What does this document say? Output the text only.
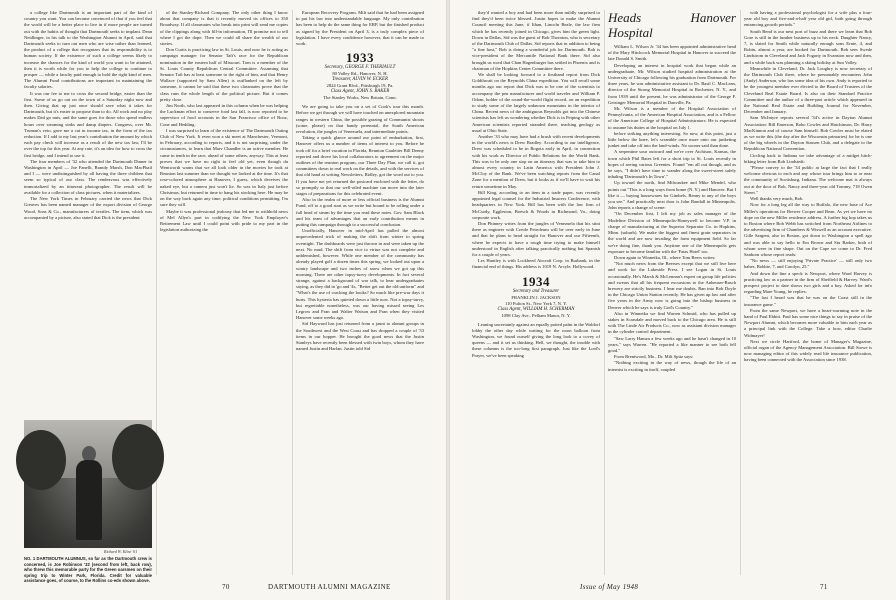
a college like Dartmouth is an important part of the kind of country you want. You can become convinced of that if you feel that the world will be a better place to live in if more people are turned out with the habits of thought that Dartmouth seeks to implant. Dean Neidlinger, in his talk to the Washington Alumni in April, said that Dartmouth seeks to turn out men who are wise rather than learned, the product of a college that recognizes that its responsibility is to human society. If the existence of such a college seems likely to increase the chances for the kind of world you want to be attained, then it is worth while for you to help the college to continue to prosper — while a faculty paid enough to hold the right kind of men. The Alumni Fund contributions are important in maintaining the faculty salaries.

It was our fee to me to cross the second bridge, easier than the first. Some of us go out on the town of a Saturday night now and then. Giving that up just once should save what it takes for Dartmouth, but it's easier to propose than to do. All work and no play makes Dad go nuts, and the same goes for those who spend endless hours over steaming sinks and damp diapers. Congress, over Mr. Truman's veto, gave me a cut in income tax, in the form of the tax reduction. If I add to my last year's contribution the amount by which each pay check will increase as a result of the new tax law, I'll be over the top for this year. At any rate, it's an idea for how to cross the first bridge, and I intend to use it.

The four members of '32 who attended the Dartmouth Dinner in Washington in April — Joe Fanelli, Brandy Marsh, Don MacPhail and I — were undistinguished by all having the three children that seem so typical of our class. The rendezvous was effectively immortalized by an itinerant photographer. The result will be available for a collection of class pictures, when it materializes.

The New York Times in February carried the news that Dick Greaves has been named manager of the export division of George Wood, Sons & Co., manufacturers of textiles. The item, which was accompanied by a picture, also stated that Dick is the president

Richard W. Kline '61
NO. 1 DARTMOUTH ALUMNUS, so far as the Dartmouth crew is concerned, is Joe Robinson '32 (second from left, back row), who threw this memorable party for the Green oarsmen on their spring trip to Winter Park, Florida. Credit for valuable assistance goes, of course, to the Rollins co-eds shown above.

of the Stanley-Richard Company. The only other thing I know about that company is that it recently moved its offices to 350 Broadway. If all classmates who break into print will send me copies of the clippings along with fill-in information, I'll promise not to tell where I got the dope. Then we could all share the wealth of our stories.

Don Curtis is practicing law in St. Louis, and now he is acting as campaign manager for Senator Taft's race for the Republican nomination in the eastern half of Missouri. Tom is a member of the St. Louis County Republican Central Committee. Assuming that Senator Taft has at least someone to the right of him, and that Henry Wallace (supported by Sam Allen) is outflanked on the left by someone, it cannot be said that these two classmates prove that the class runs the whole length of the political picture. But it comes pretty close.

Jim North, who last appeared in this column when he was helping the Luckman effort to conserve food last fall, is now reported to be supervisor of food accounts in the San Francisco office of Booz, Cone and Hedding.

I was surprised to learn of the existence of The Dartmouth Outing Club of New York. It even won a ski meet at Manchester, Vermont, in February, according to reports, and it is not surprising, under the circumstances, to learn that Marv Chandler is an active member. He came in tenth in the race, ahead of some others, anyway. This at least proves that we have no right to feel old yet, even though du Wentworth warns that we all look older in the movies he took at Reunion last summer than we thought we looked at the time. It's that rose-colored atmosphere at Hanover, I guess, which deceives the naked eye, but a camera just won't lie. So was in Italy just before Christmas, but returned in time to hang his stocking here. He may be on the way back again any time, political conditions permitting. I'm sure they will.

Maybe it was professional jealousy that led me to withhold news of Mel Allyn's part in codifying the New York Employee's Retirement Law until I could point with pride to my part in the legislation authorizing the

European Recovery Program. Milt said that he had been assigned to put his law into understandable language. My only contribution has been to help do the same thing for ERP, but the finished product as signed by the President on April 3, is a truly complex piece of legislation. I have every confidence however, that it can be made to work.

1933
Secretary, GEORGE F. THERIAULT
80 Valley Rd., Hanover, N. H.
Treasurer, ALVIN W. ECKER
2824 Grant Blvd., Pittsburgh 19, Pa.
Class Agent, JOHN S. BAKER
The Stanley Works, New Britain, Conn.

We are going to take you on a set of Cook's tour this month. Before we get through we will have touched on unexplored mountain ranges in western China, the possible grazing of Communist shoots (some, please) on that handy perennial, the South American revolution, the jungles of Venezuela, and intermediate points.

Taking a quick glance around our point of embarkation, first, Hanover offers us a number of items of interest to you. Before he took off for a brief vacation in Florida, Reunion Gauleiter Bill Denny reported and drove his local collaborators to agreement on the major outlines of the reunion program, our Three Day Plan, we call it, got committees down to real work on the details, and with the services of that old hand at writing Newsletters, Ridley, got the word out to you. If you have not yet returned the postcard enclosed with the letter, do so promptly so that our well-oiled machine can move into the later stages of preparations for this celebrated event.

Also in the realm of more or less official business is the Alumni Fund, off to a good start as we write but bound to be rolling under a full head of steam by the time you read these notes. Gov. Sam Black and his team of advantages that an early contribution means in putting this campaign through to a successful conclusion.

Unofficially, Hanover in mid-April has pulled the almost unprecedented trick of making the shift from winter to spring overnight. The dashboards were just thrown in and were taken up the next. No mud. The shift from vice to virtue was not complete and unblemished, however. While one member of the community has already played golf a dozen times this spring, we looked out upon a wintry landscape and two inches of snow when we got up this morning. There are other topsy-turvy developments. In fact several strange, against a background of war talk, to hear undergraduates saying, as they did in 'go and '4s, "Better get out the old uniform" and "What's the use of cracking the books? So much like pre-war days it hurts. This hysteria has quieted down a little now. Not a topsy-turvy, but regrettable nonetheless, was our having missed seeing Les Legrow and Fran and Walter Watson and Fran when they visited Hanover some weeks ago.

Sid Hayward has just returned from a jaunt to alumni groups in the Southwest and the West Coast and has dropped a couple of '33 items in our hopper. He brought the good news that the Justin Stanleys have recently been blessed with twin boys, whom they have named Justin and Harlan. Justin told Sid

70	DARTMOUTH ALUMNI MAGAZINE

they'd wanted a boy and had been more than mildly surprised to find they'd been twice blessed. Justin hopes to make the Alumni Council meeting this June, if Ithan, Lincoln Beale, the law firm which he has recently joined in Chicago, gives him the green light. Down in Dallas, Sid was the guest of Bob Thornton, who is secretary of the Dartmouth Club of Dallas. Sid reports that in addition to being "a fine host," Bob is doing a wonderful job for Dartmouth. Bob is vice-president of the Mercantile National Bank there. Sid also brought us word that Chan Hagenburger has settled in Phoenix and is chairman of the Hopkins Center Committee there.

We shall be looking forward to a firsthand report from Dick Goldthwait on the Reynolds China expedition. You will recall some months ago our report that Dick was to be one of the scientists to accompany the pen manufacturer and world traveler and William P. Odom, holder of the round-the-world flight record, on an expedition to study some of the largely unknown mountains in the interior of China. Recent news of the ambiguous Reynolds got into the Chinese scientists has left us wondering whether Dick is in Peiping with other American scientists reported stranded there, teaching geology as usual at Ohio State.

Another '33 who may have had a brush with recent developments in the world's news is Drew Bradley. According to our intelligence, Drew was scheduled to be in Bogota early in April, in connection with his work as Director of Public Relations for the World Bank. This was to be only one stop on an itinerary that was to take him to almost every country in Latin America with President John J. McCloy of the Bank. We've been watching reports from the Canal Zone for a mention of Drew, but it looks as if we'll have to wait his return sometime in May.

Bill King, according to an item in a trade paper, was recently appointed legal counsel for the Industrial Insurers Conference, with headquarters in New York. Bill has been with the law firm of McCurdy, Eggleston, Boesch & Woods in Richmond, Va., doing corporate work.

Don Phinney writes from the jungles of Venezuela that his stint there as engineer with Creole Petroleum will be over early in June and that he plans to head straight for Hanover and our Fifteenth, where he expects to have a rough time trying to make himself understood in English after talking practically nothing but Spanish for a couple of years.

Les Huntley is with Lockheed Aircraft Corp. in Burbank, in the financial end of things. His address is 1019 N. Arcyle, Hollywood.

1934
Secretary and Treasurer
FRANKLIN J. JACKSON
110 Fulton St., New York 7, N. Y.
Class Agent, WILLIAM H. SCHERMAN
1098 Clay Ave., Pelham Manor, N. Y.

Leaning uncertainly against an equally potted palm in the Waldorf lobby the other day while waiting for the noon balloon from Washington, we found ourself giving the long look to a covey of queens — and it set us thinking. Hell, we thought, the trouble with these columns is the too-long first paragraph. Just like the Lord's Prayer, we've been speaking

Heads Hanover Hospital

William L. Wilson Jr. '34 has been appointed administrative head of the Mary Hitchcock Memorial Hospital in Hanover to succeed the late Donald S. Smith.

Developing an interest in hospital work that began while an undergraduate, Mr. Wilson studied hospital administration at the University of Chicago following his graduation from Dartmouth. For three years, he was administrative assistant to Dr. Basil C. MacLean, director of the Strong Memorial Hospital in Rochester, N. Y., and from 1939 until the present, he was administrator of the George F. Geisinger Memorial Hospital in Danville, Pa.

Mr. Wilson is a member of the Hospital Association of Pennsylvania, of the American Hospital Association, and is a Fellow of the American College of Hospital Administrators. He is expected to assume his duties at the hospital on July 1.

before striking anything interesting. So now, at this point, just a little below the knee, let's scramble once more onto our junketing junket and take off into the land-winds. No sooner said than done.

A serpentine sour outward and we're over Atchison, Kansas, the town which Phil Bates left for a short trip to St. Louis recently in hopes of seeing various Greenies. Found "em all out though, and as he says, "I didn't have time to wander along the sweet-street safely inhaling 'Dartmouth's In Town'."

Up toward the north, find Milwaukee and Mike Mendel, who points out "This is a long ways from home (N. Y.) and Hanover. But I like it — buying housewares for Gimbels. Benny to any of the boys you see." And practically next door is John Randall in Minneapolis. John reports a change of scene:

"On December first, I left my job as sales manager of the Modeline Division of Minneapolis-Honeywell to become V.P. in charge of manufacturing at the Superior Separator Co. in Hopkins, Minn. (suburb). We make the biggest and finest grain separators in the world and are now invading the farm equipment field. So far we're doing fine, thank you. Anytime one of the Minneapolis gets exposure to become familiar with the 'Fatas Hotel' too.

Down again to Winnetka, Ill., where Tom Beers writes:

"Not much news from the Beerses except that we still live here and work for the Lakeside Press. I see Logan in St. Louis occasionally. He's Marsh & McLennan's expert on group life policies and swears that all his frequent excursions to the Anheuser-Busch brewery are strictly business. I hear me doubts. Ran into Bob Doyle in the Chicago Union Station recently. He has given up law and after five years in the Army now is going into the bishop business in Denver which he says is truly God's Country."

Also in Winnetka we find Warren Schmid, who has pulled up stakes in Scarsdale and moved back to the Chicago area. He is still with The Linde Air Products Co., now as assistant division manager in the cylinder control department.

"Saw Larry Hamza a few weeks ago and he hasn't changed in 10 years," says Warren. "He reported a like manner to see both fell good."

From Brentwood, Mo., Dr. Milt Spitz says:

"Nothing exciting in the way of news, though the life of an internist is exciting in itself, coupled

with having a professional psychologist for a wife plus a four-year old boy and five-and-a-half year old girl, both going through entrancing growth periods."

South Bend is our next port of buzz and there we learn that Bob Gore is still in the lumber business up to his neck. Daughter Nancy, 7, is slated for Smith while naturally enough sons Ernie, 4, and Robin, almost a year, are booked for Dartmouth. Bob sees Swede Lindstrom in Cleveland and Jack Fogarty in Evanston now and then, and a while back was planning a skiing holiday at Sun Valley.

Meanwhile in Cleveland, Dr. Jack Loughry is now secretary of the Dartmouth Club there, where he presumably encounters John (Andy) Anderson, who has some idea of his own. Andy is reported to be the youngest member ever elected to the Board of Trustees of the Cleveland Real Estate Board. Is also on their Standard Practice Committee and the author of a three-part article which appeared in the National Real Estate and Building Journal for November, December and January.

Sam McIntyre reports several '34's active in Dayton Alumni Association: Bill Emerson, Bobo Cowles and Hutchinson, Dr. Harry MacKinnon and of course Sam himself. Bob Cowles must be elated as we write this (the day after the Wisconsin primaries) for he is one of the big wheels in the Dayton Stassen Club, and a delegate to the Republican National Convention.

Circling back to Indiana we take advantage of a midget hitch-hiking letter from Bob Lindstedt:

"Please convey to the '34 public at large the fact that I really welcome obvious to each and any whose tour brings him to or near the community of Scottsburg, Indiana. The welcome mat is always out at the door of Bob, Nancy and three-year old Tommy, 718 Owen Street."

Well thanks very much, Bob.

Now for a long leg all the way to Buffalo, the new base of Ace Miller's operations for Brewer Cooper and Bean. As yet we have no dope on the new Miller residence address. A further big hop takes us to Boston where Bob Webb has switched from Northeast Airlines to the advertising firm of Chambers & Wiswell as an account executive. Gille Sargent, also in Boston, got down to Washington a spell ago and was able to say hello to Em Brown and Stu Barker, both of whom were in fine shape. Out on the Cape we come to Dr. Fred Sanborn whose report reads:

"No news — still enjoying 'Private Practice' — still only two babes, Bobbie, 7, and Carolyn, 25."

And down the line a speck is Newport, where Ward Harvey is practicing law as a partner in the firm of Sheffield & Harvey. Ward's prospect project to date shows two girls and a boy. Asked for info regarding Mare Young, he replies:

"The last I heard was that he was on the Coast still in the insurance game."

From the same Newport, we have a heart-warming note in the hand of Paul Ebbitt. Paul has some nice things to say in praise of the Newport Alumni, which becomes more valuable to him each year as a principal link with the College. Take a bow, editor Charlie Widmayer!

Next we circle Hartford, the home of Manager's Magazine, official organ of the Agency Management Association. Bill Stowe is now managing editor of this widely read life insurance publication, having been connected with the Association since 1938.

Issue of May 1948	71
